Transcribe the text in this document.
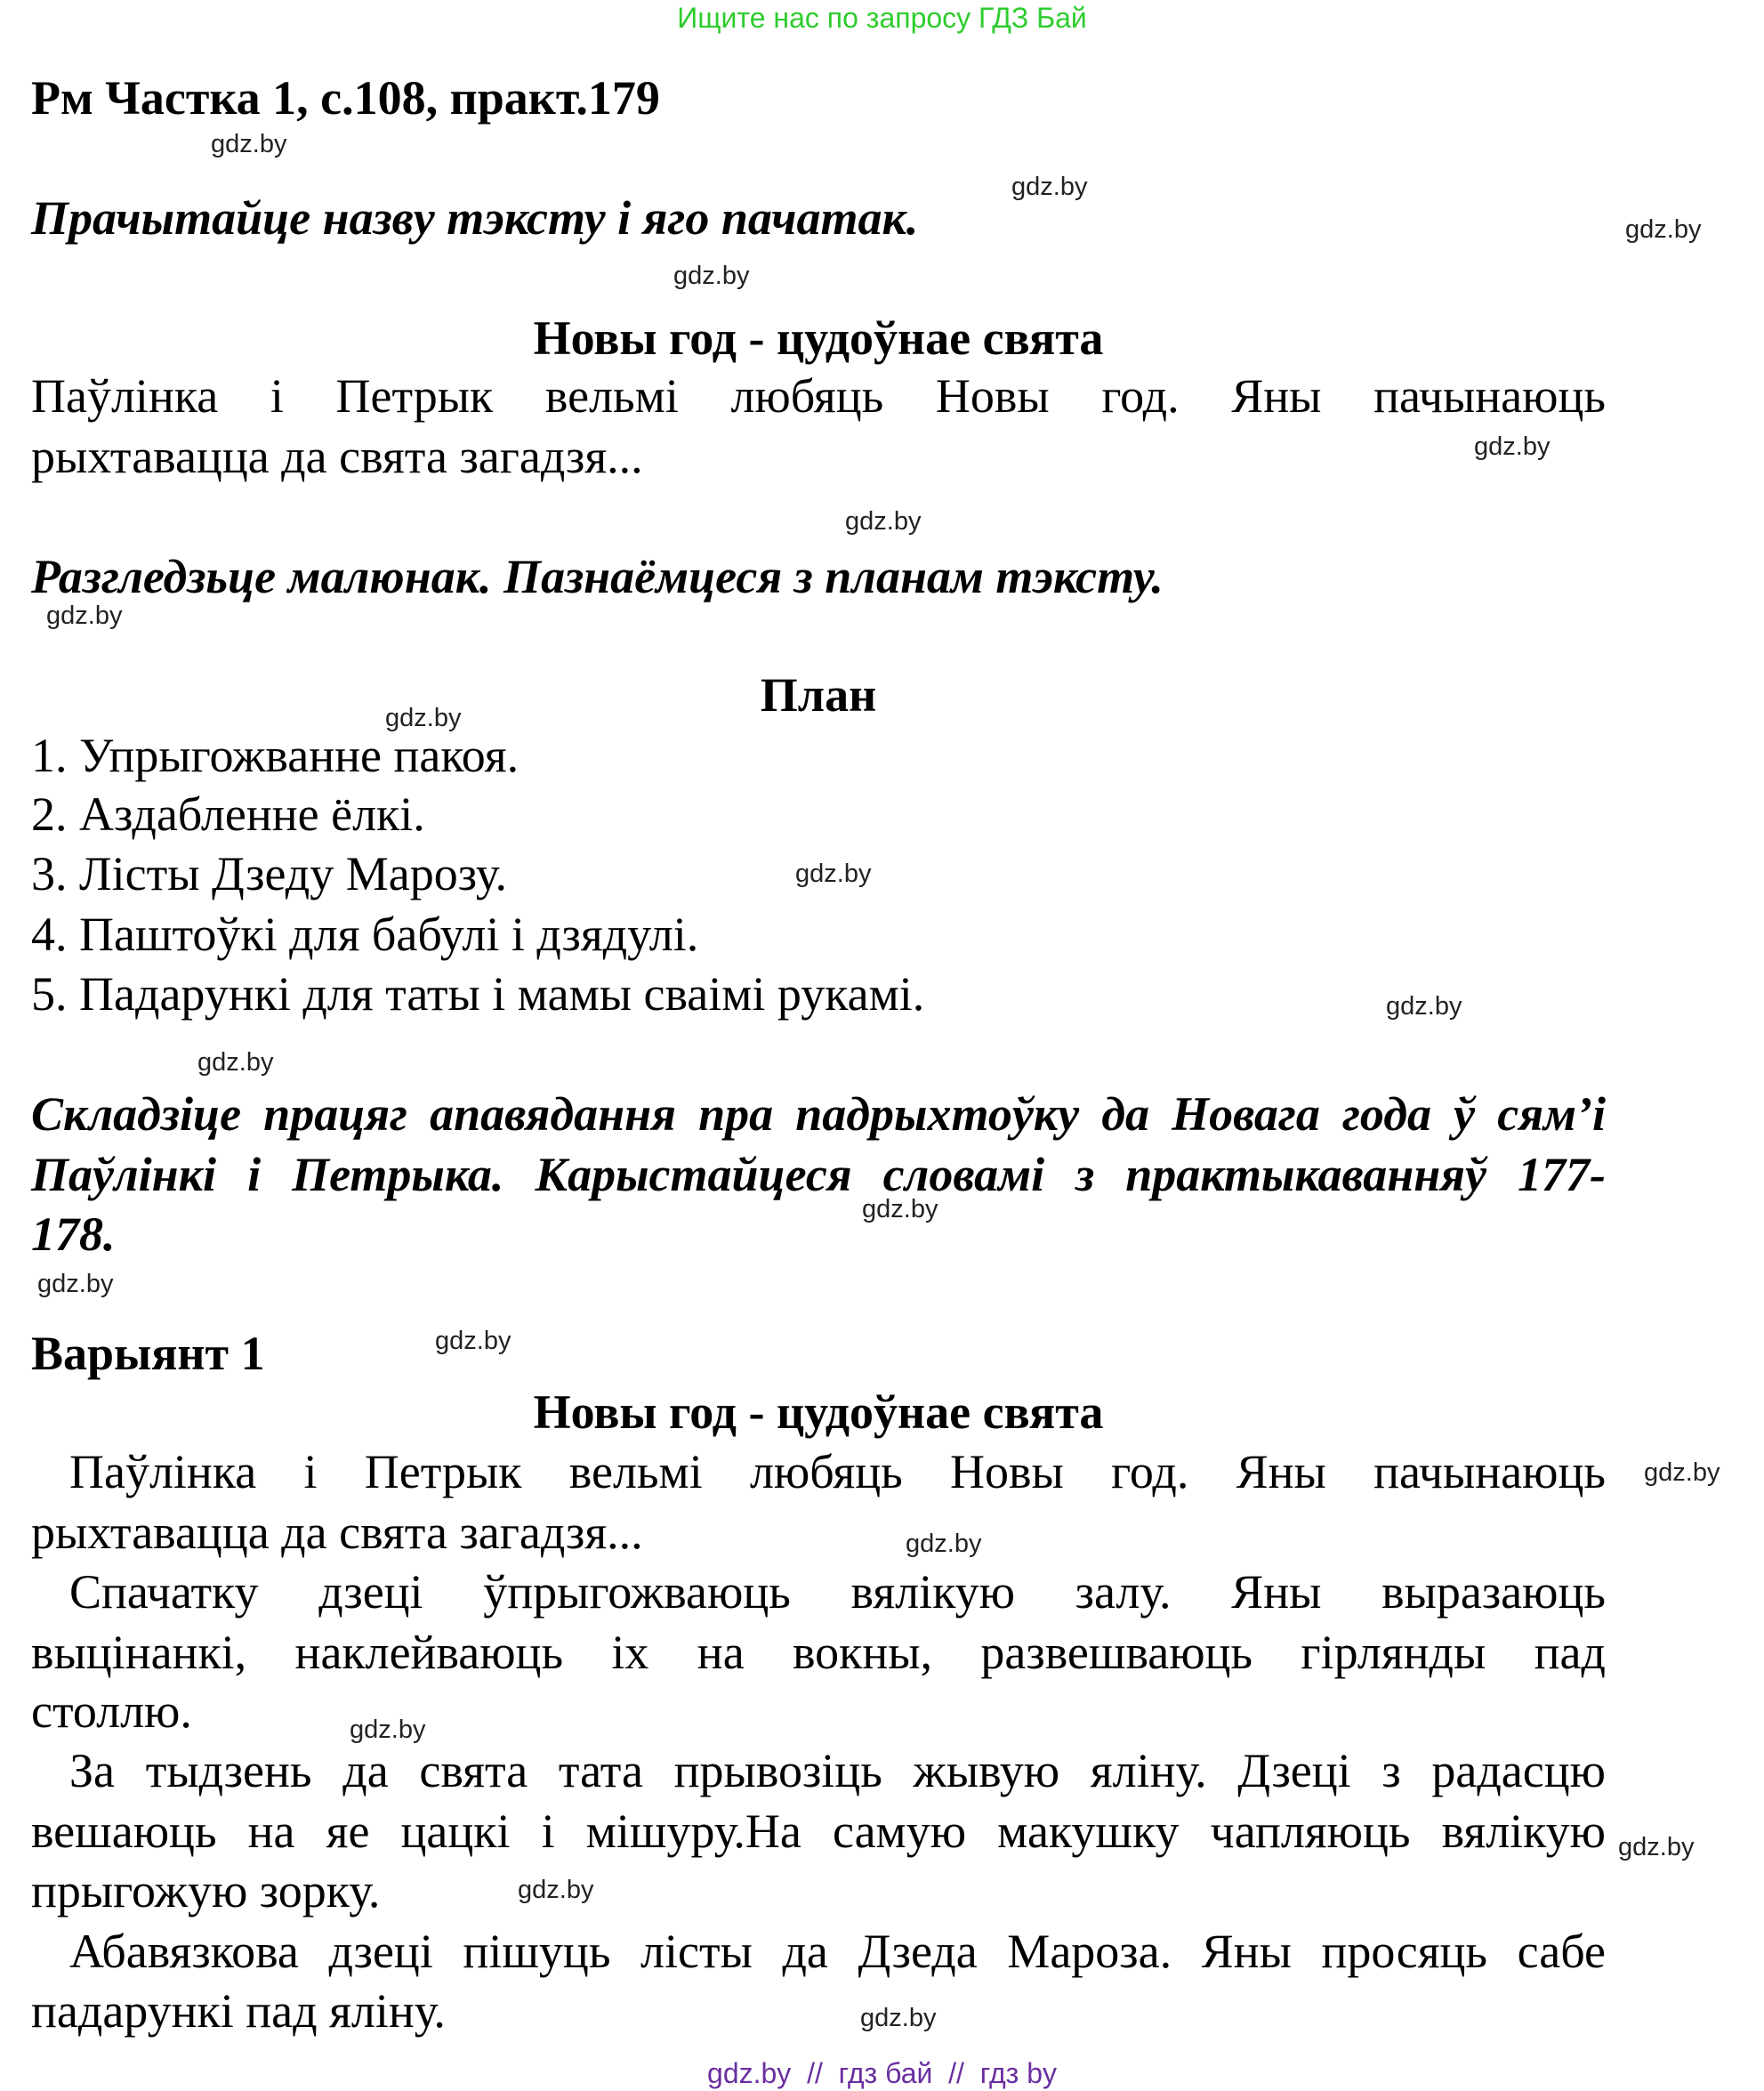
Ищите нас по запросу ГДЗ Бай
Рм Частка 1, с.108, практ.179
Прачытайце назву тэксту і яго пачатак.
Новы год - цудоўнае свята
Паўлінка і Петрык вельмі любяць Новы год. Яны пачынаюць
рыхтавацца да свята загадзя...
Разгледзьце малюнак. Пазнаёмцеся з планам тэксту.
План
1. Упрыгожванне пакоя.
2. Аздабленне ёлкі.
3. Лісты Дзеду Марозу.
4. Паштоўкі для бабулі і дзядулі.
5. Падарункі для таты і мамы сваімі рукамі.
Складзіце працяг апавядання пра падрыхтоўку да Новага года ў сям’і
Паўлінкі і Петрыка. Карыстайцеся словамі з практыкаванняў 177-
178.
Варыянт 1
Новы год - цудоўнае свята
Паўлінка і Петрык вельмі любяць Новы год. Яны пачынаюць
рыхтавацца да свята загадзя...
Спачатку дзеці ўпрыгожваюць вялікую залу. Яны выразаюць
выцінанкі, наклейваюць іх на вокны, развешваюць гірлянды пад
столлю.
За тыдзень да свята тата прывозіць жывую яліну. Дзеці з радасцю
вешаюць на яе цацкі і мішуру.На самую макушку чапляюць вялікую
прыгожую зорку.
Абавязкова дзеці пішуць лісты да Дзеда Мароза. Яны просяць сабе
падарункі пад яліну.
gdz.by
gdz.by
gdz.by
gdz.by
gdz.by
gdz.by
gdz.by
gdz.by
gdz.by
gdz.by
gdz.by
gdz.by
gdz.by
gdz.by
gdz.by
gdz.by
gdz.by
gdz.by
gdz.by
gdz.by
gdz.by  //  гдз бай  //  гдз by
